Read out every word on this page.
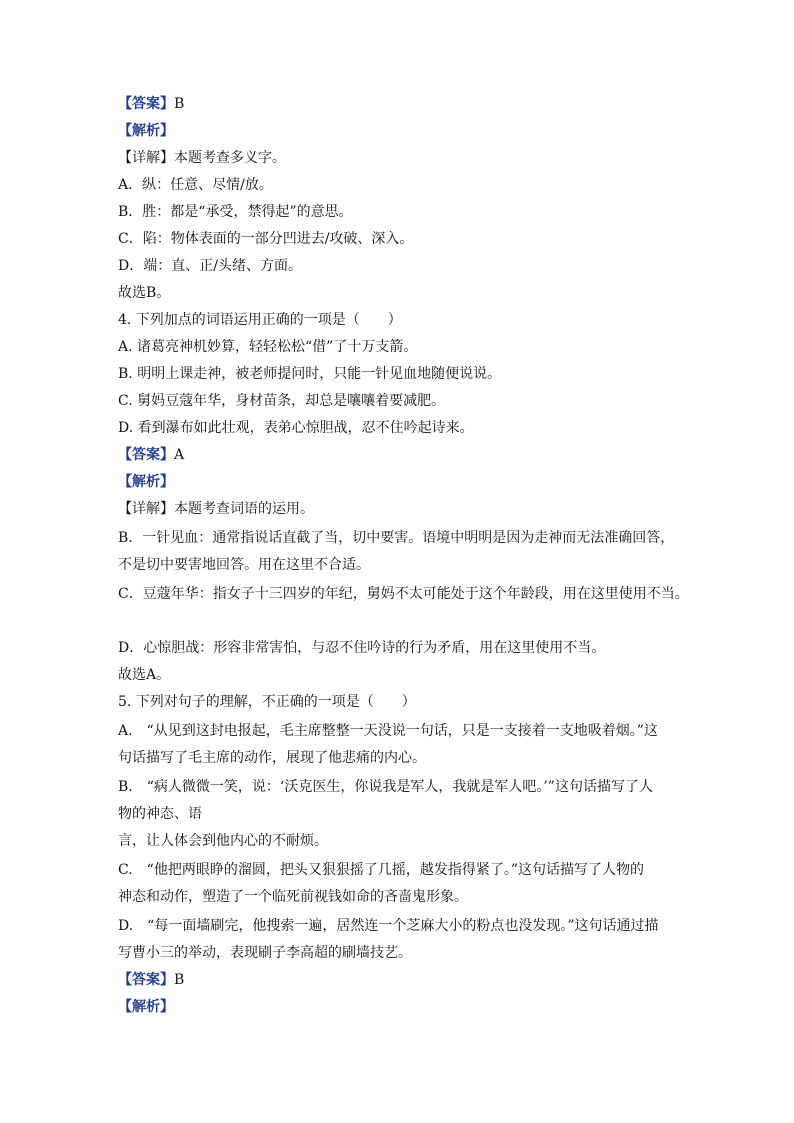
【答案】B
【解析】
【详解】本题考查多义字。
A．纵：任意、尽情/放。
B．胜：都是“承受，禁得起”的意思。
C．陷：物体表面的一部分凹进去/攻破、深入。
D．端：直、正/头绪、方面。
故选B。
4. 下列加点的词语运用正确的一项是（　　）
A. 诸葛亮神机妙算，轻轻松松“借”了十万支箭。
B. 明明上课走神，被老师提问时，只能一针见血地随便说说。
C. 舅妈豆蔻年华，身材苗条，却总是嚷嚷着要减肥。
D. 看到瀑布如此壮观，表弟心惊胆战，忍不住吟起诗来。
【答案】A
【解析】
【详解】本题考查词语的运用。
B．一针见血：通常指说话直截了当，切中要害。语境中明明是因为走神而无法准确回答，
不是切中要害地回答。用在这里不合适。
C．豆蔻年华：指女子十三四岁的年纪，舅妈不太可能处于这个年龄段，用在这里使用不当。
D．心惊胆战：形容非常害怕，与忍不住吟诗的行为矛盾，用在这里使用不当。
故选A。
5. 下列对句子的理解，不正确的一项是（　　）
A.　“从见到这封电报起，毛主席整整一天没说一句话，只是一支接着一支地吸着烟。”这
句话描写了毛主席的动作，展现了他悲痛的内心。
B.　“病人微微一笑，说：‘沃克医生，你说我是军人，我就是军人吧。’”这句话描写了人
物的神态、语
言，让人体会到他内心的不耐烦。
C.　“他把两眼睁的溜圆，把头又狠狠摇了几摇，越发指得紧了。”这句话描写了人物的
神态和动作，塑造了一个临死前视钱如命的吝啬鬼形象。
D.　“每一面墙刷完，他搜索一遍，居然连一个芝麻大小的粉点也没发现。”这句话通过描
写曹小三的举动，表现刷子李高超的刷墙技艺。
【答案】B
【解析】
